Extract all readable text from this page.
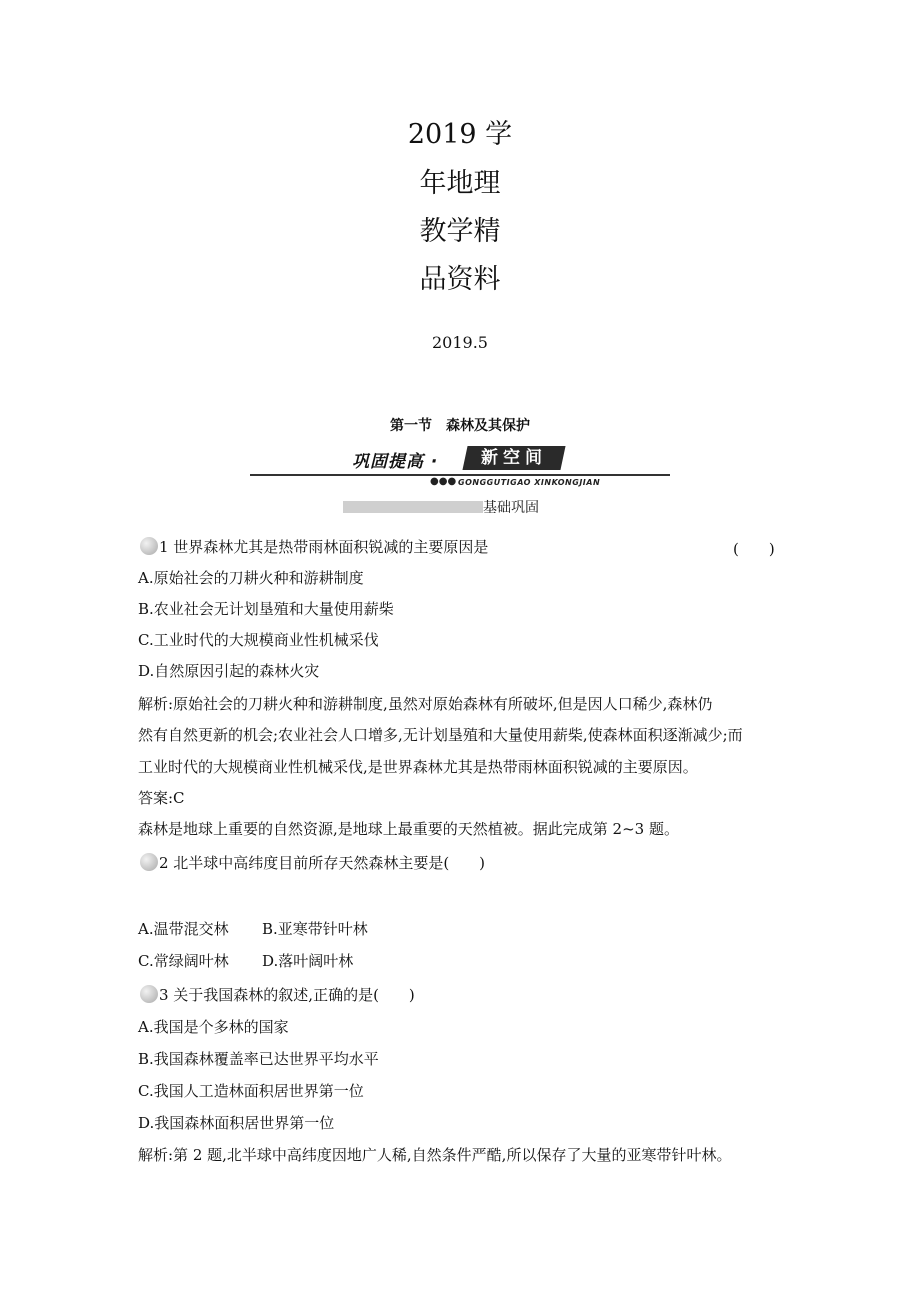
2019 学
年地理
教学精
品资料
2019.5
第一节　森林及其保护
巩固提高 ·	新空间
●●● GONGGUTIGAO XINKONGJIAN
基础巩固
1 世界森林尤其是热带雨林面积锐减的主要原因是	(　　)
A.原始社会的刀耕火种和游耕制度
B.农业社会无计划垦殖和大量使用薪柴
C.工业时代的大规模商业性机械采伐
D.自然原因引起的森林火灾
解析:原始社会的刀耕火种和游耕制度,虽然对原始森林有所破坏,但是因人口稀少,森林仍
然有自然更新的机会;农业社会人口增多,无计划垦殖和大量使用薪柴,使森林面积逐渐减少;而
工业时代的大规模商业性机械采伐,是世界森林尤其是热带雨林面积锐减的主要原因。
答案:C
森林是地球上重要的自然资源,是地球上最重要的天然植被。据此完成第 2~3 题。
2 北半球中高纬度目前所存天然森林主要是(　　)
A.温带混交林 B.亚寒带针叶林
C.常绿阔叶林 D.落叶阔叶林
3 关于我国森林的叙述,正确的是(　　)
A.我国是个多林的国家
B.我国森林覆盖率已达世界平均水平
C.我国人工造林面积居世界第一位
D.我国森林面积居世界第一位
解析:第 2 题,北半球中高纬度因地广人稀,自然条件严酷,所以保存了大量的亚寒带针叶林。
